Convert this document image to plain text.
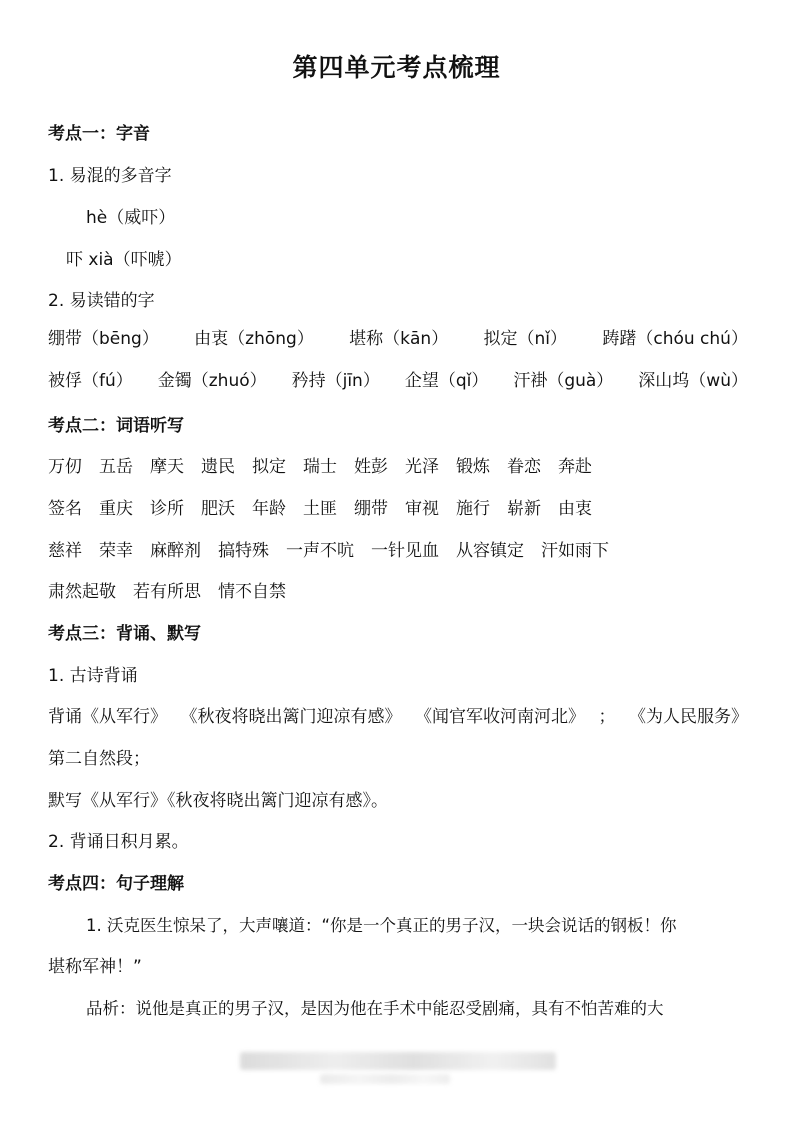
第四单元考点梳理
考点一：字音
1. 易混的多音字
hè（威吓）
吓 xià（吓唬）
2. 易读错的字
绷带（bēng） 由衷（zhōng） 堪称（kān） 拟定（nǐ） 踌躇（chóu chú）
被俘（fú） 金镯（zhuó） 矜持（jīn） 企望（qǐ） 汗褂（guà） 深山坞（wù）
考点二：词语听写
万仞 五岳 摩天 遗民 拟定 瑞士 姓彭 光泽 锻炼 眷恋 奔赴
签名 重庆 诊所 肥沃 年龄 土匪 绷带 审视 施行 崭新 由衷
慈祥 荣幸 麻醉剂 搞特殊 一声不吭 一针见血 从容镇定 汗如雨下
肃然起敬 若有所思 情不自禁
考点三：背诵、默写
1. 古诗背诵
背诵《从军行》 《秋夜将晓出篱门迎凉有感》 《闻官军收河南河北》 ； 《为人民服务》
第二自然段；
默写《从军行》《秋夜将晓出篱门迎凉有感》。
2. 背诵日积月累。
考点四：句子理解
1. 沃克医生惊呆了，大声嚷道：“你是一个真正的男子汉，一块会说话的钢板！你
堪称军神！”
品析：说他是真正的男子汉，是因为他在手术中能忍受剧痛，具有不怕苦难的大
